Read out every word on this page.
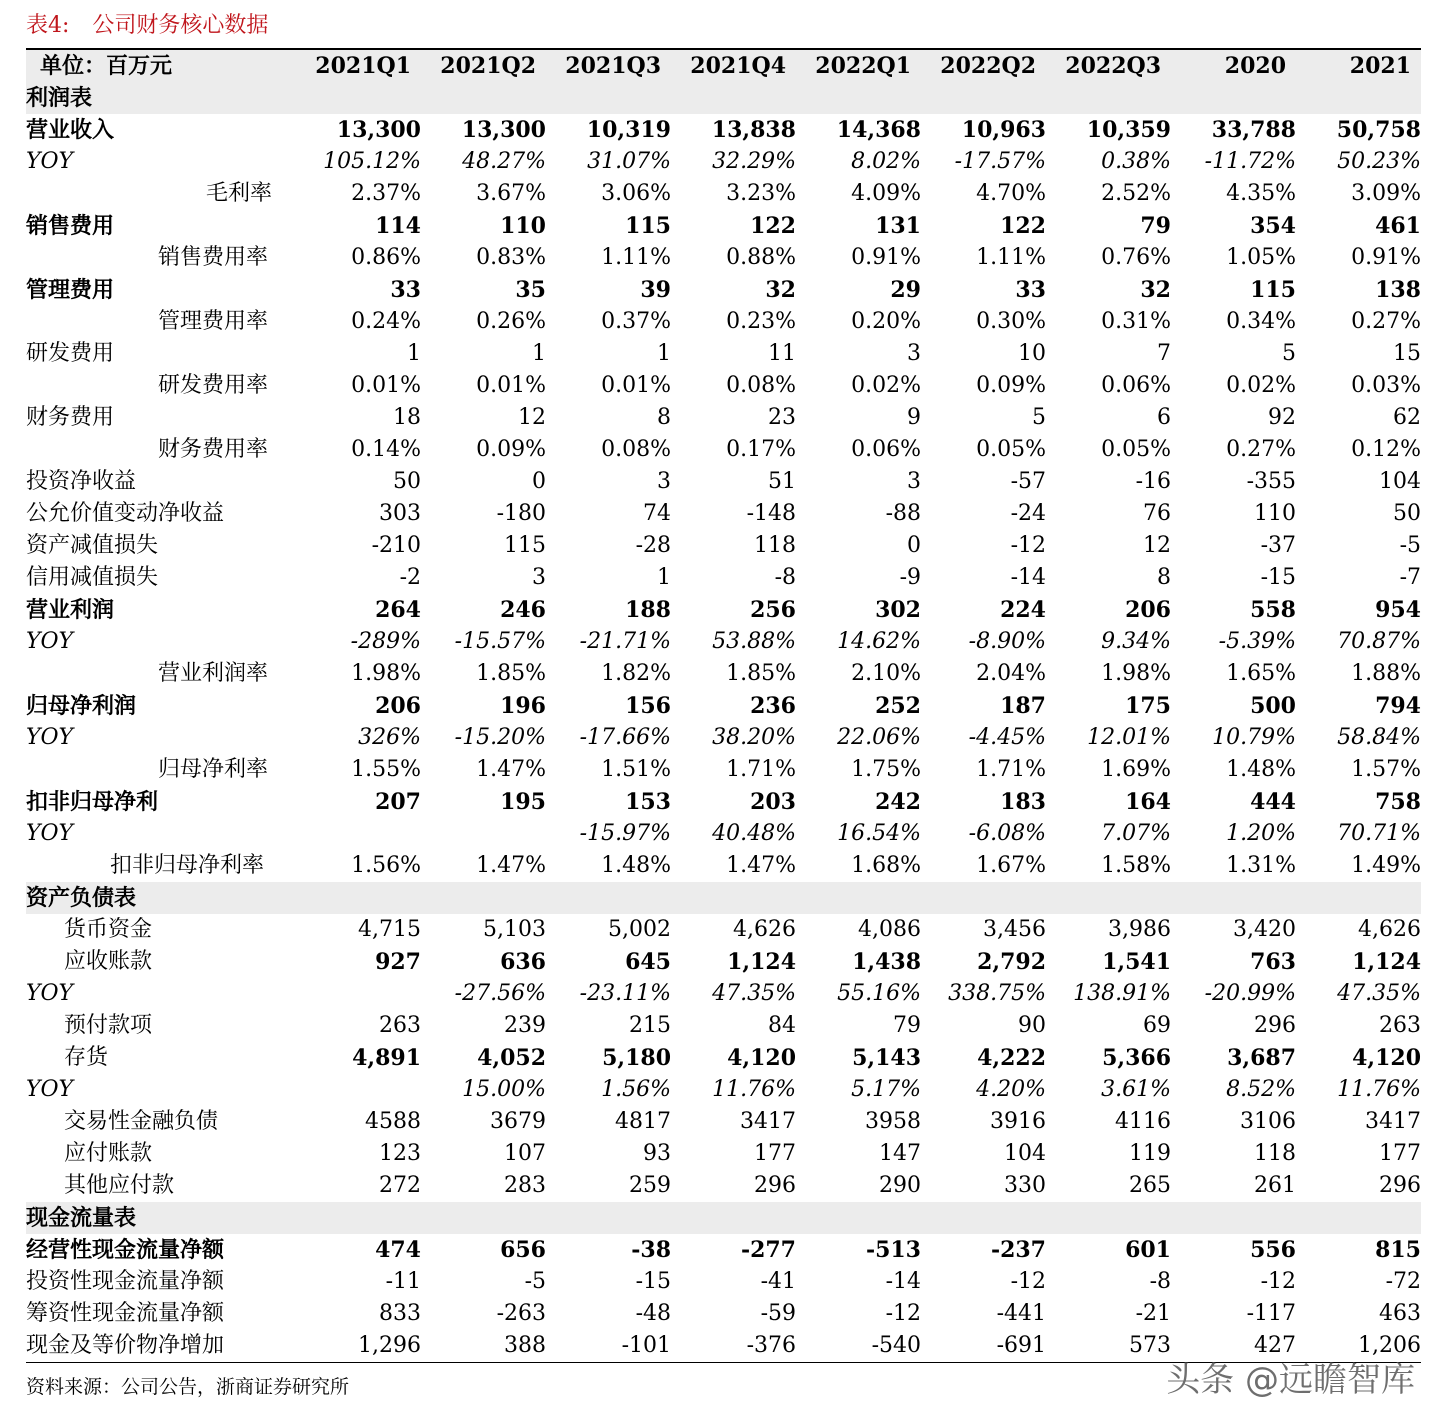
表4: 公司财务核心数据
单位：百万元	2021Q1	2021Q2	2021Q3	2021Q4	2022Q1	2022Q2	2022Q3	2020	2021
利润表									
营业收入	13,300	13,300	10,319	13,838	14,368	10,963	10,359	33,788	50,758
YOY	105.12%	48.27%	31.07%	32.29%	8.02%	-17.57%	0.38%	-11.72%	50.23%
毛利率	2.37%	3.67%	3.06%	3.23%	4.09%	4.70%	2.52%	4.35%	3.09%
销售费用	114	110	115	122	131	122	79	354	461
销售费用率	0.86%	0.83%	1.11%	0.88%	0.91%	1.11%	0.76%	1.05%	0.91%
管理费用	33	35	39	32	29	33	32	115	138
管理费用率	0.24%	0.26%	0.37%	0.23%	0.20%	0.30%	0.31%	0.34%	0.27%
研发费用	1	1	1	11	3	10	7	5	15
研发费用率	0.01%	0.01%	0.01%	0.08%	0.02%	0.09%	0.06%	0.02%	0.03%
财务费用	18	12	8	23	9	5	6	92	62
财务费用率	0.14%	0.09%	0.08%	0.17%	0.06%	0.05%	0.05%	0.27%	0.12%
投资净收益	50	0	3	51	3	-57	-16	-355	104
公允价值变动净收益	303	-180	74	-148	-88	-24	76	110	50
资产减值损失	-210	115	-28	118	0	-12	12	-37	-5
信用减值损失	-2	3	1	-8	-9	-14	8	-15	-7
营业利润	264	246	188	256	302	224	206	558	954
YOY	-289%	-15.57%	-21.71%	53.88%	14.62%	-8.90%	9.34%	-5.39%	70.87%
营业利润率	1.98%	1.85%	1.82%	1.85%	2.10%	2.04%	1.98%	1.65%	1.88%
归母净利润	206	196	156	236	252	187	175	500	794
YOY	326%	-15.20%	-17.66%	38.20%	22.06%	-4.45%	12.01%	10.79%	58.84%
归母净利率	1.55%	1.47%	1.51%	1.71%	1.75%	1.71%	1.69%	1.48%	1.57%
扣非归母净利	207	195	153	203	242	183	164	444	758
YOY			-15.97%	40.48%	16.54%	-6.08%	7.07%	1.20%	70.71%
扣非归母净利率	1.56%	1.47%	1.48%	1.47%	1.68%	1.67%	1.58%	1.31%	1.49%
资产负债表									
货币资金	4,715	5,103	5,002	4,626	4,086	3,456	3,986	3,420	4,626
应收账款	927	636	645	1,124	1,438	2,792	1,541	763	1,124
YOY		-27.56%	-23.11%	47.35%	55.16%	338.75%	138.91%	-20.99%	47.35%
预付款项	263	239	215	84	79	90	69	296	263
存货	4,891	4,052	5,180	4,120	5,143	4,222	5,366	3,687	4,120
YOY		15.00%	1.56%	11.76%	5.17%	4.20%	3.61%	8.52%	11.76%
交易性金融负债	4588	3679	4817	3417	3958	3916	4116	3106	3417
应付账款	123	107	93	177	147	104	119	118	177
其他应付款	272	283	259	296	290	330	265	261	296
现金流量表									
经营性现金流量净额	474	656	-38	-277	-513	-237	601	556	815
投资性现金流量净额	-11	-5	-15	-41	-14	-12	-8	-12	-72
筹资性现金流量净额	833	-263	-48	-59	-12	-441	-21	-117	463
现金及等价物净增加	1,296	388	-101	-376	-540	-691	573	427	1,206
资料来源：公司公告，浙商证券研究所	头条 @远瞻智库
